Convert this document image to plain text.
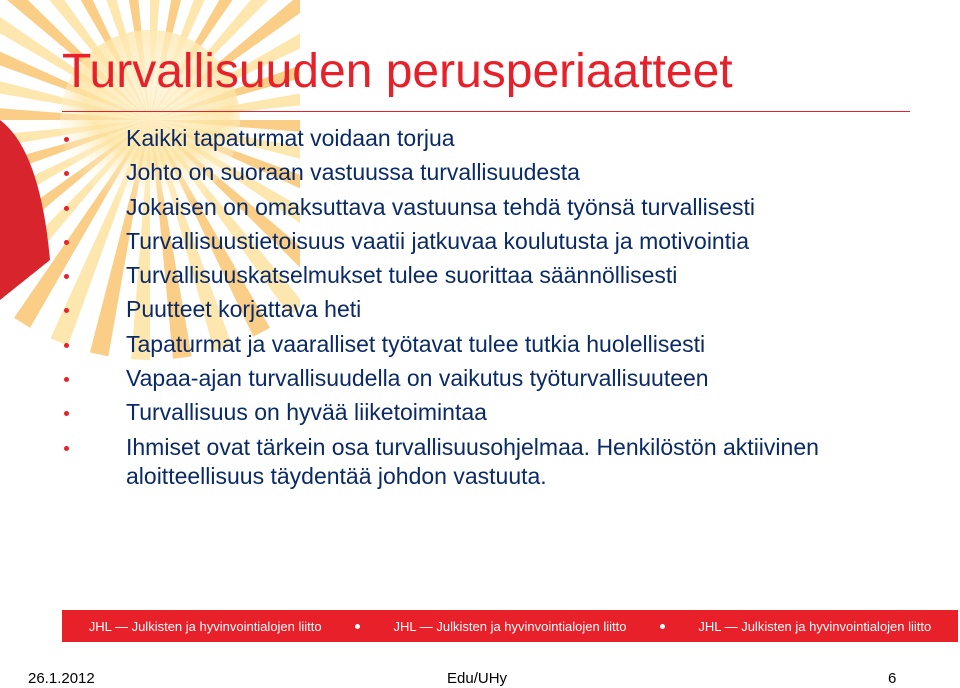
Turvallisuuden perusperiaatteet
Kaikki tapaturmat voidaan torjua
Johto on suoraan vastuussa turvallisuudesta
Jokaisen on omaksuttava vastuunsa tehdä työnsä turvallisesti
Turvallisuustietoisuus vaatii jatkuvaa koulutusta ja motivointia
Turvallisuuskatselmukset tulee suorittaa säännöllisesti
Puutteet korjattava heti
Tapaturmat ja vaaralliset työtavat tulee tutkia huolellisesti
Vapaa-ajan turvallisuudella on vaikutus työturvallisuuteen
Turvallisuus on hyvää liiketoimintaa
Ihmiset ovat tärkein osa turvallisuusohjelmaa. Henkilöstön aktiivinen aloitteellisuus täydentää johdon vastuuta.
JHL — Julkisten ja hyvinvointialojen liitto	JHL — Julkisten ja hyvinvointialojen liitto	JHL — Julkisten ja hyvinvointialojen liitto
26.1.2012	Edu/UHy	6
